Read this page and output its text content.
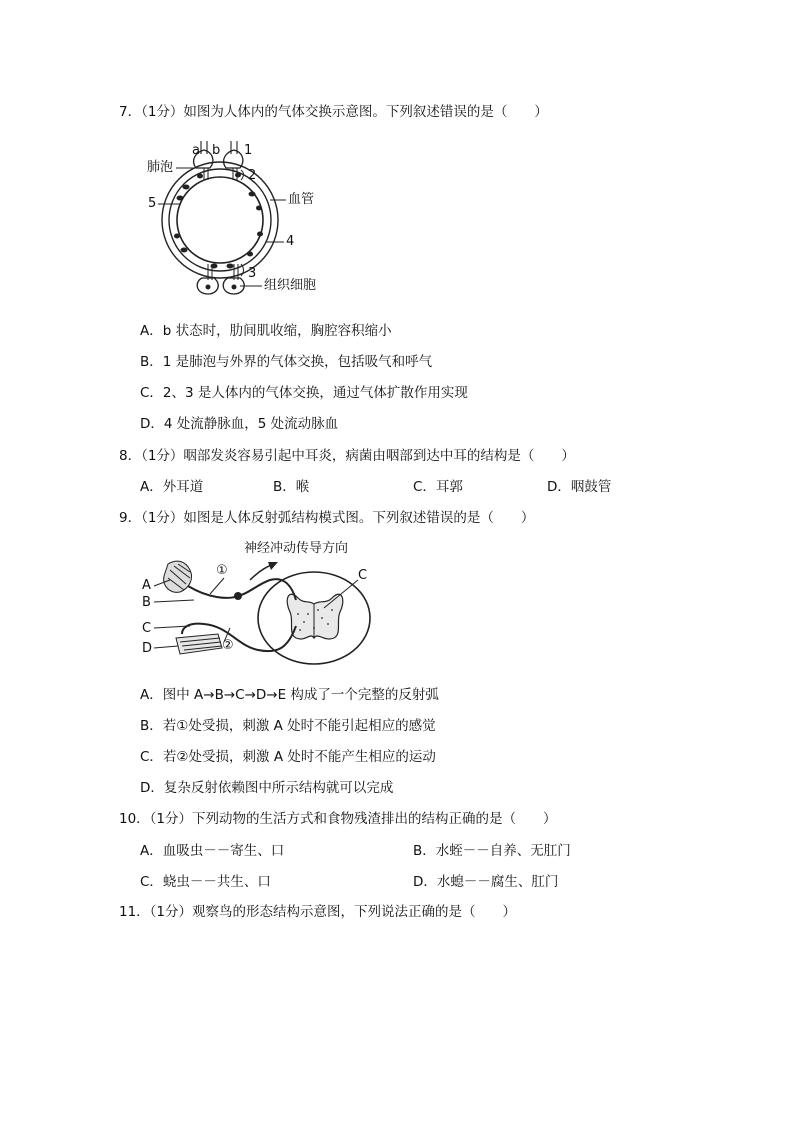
7．（1分）如图为人体内的气体交换示意图。下列叙述错误的是（　　）
a b 1
2
肺泡
5	血管
4
3
组织细胞
A．b 状态时，肋间肌收缩，胸腔容积缩小
B．1 是肺泡与外界的气体交换，包括吸气和呼气
C．2、3 是人体内的气体交换，通过气体扩散作用实现
D．4 处流静脉血，5 处流动脉血
8．（1分）咽部发炎容易引起中耳炎，病菌由咽部到达中耳的结构是（　　）
A．外耳道	B．喉	C．耳郭	D．咽鼓管
9．（1分）如图是人体反射弧结构模式图。下列叙述错误的是（　　）
神经冲动传导方向
A
B
C
D
C
①
②
A．图中 A→B→C→D→E 构成了一个完整的反射弧
B．若①处受损，刺激 A 处时不能引起相应的感觉
C．若②处受损，刺激 A 处时不能产生相应的运动
D．复杂反射依赖图中所示结构就可以完成
10．（1分）下列动物的生活方式和食物残渣排出的结构正确的是（　　）
A．血吸虫－－寄生、口	B．水蛭－－自养、无肛门
C．蛲虫－－共生、口	D．水螅－－腐生、肛门
11．（1分）观察鸟的形态结构示意图，下列说法正确的是（　　）
